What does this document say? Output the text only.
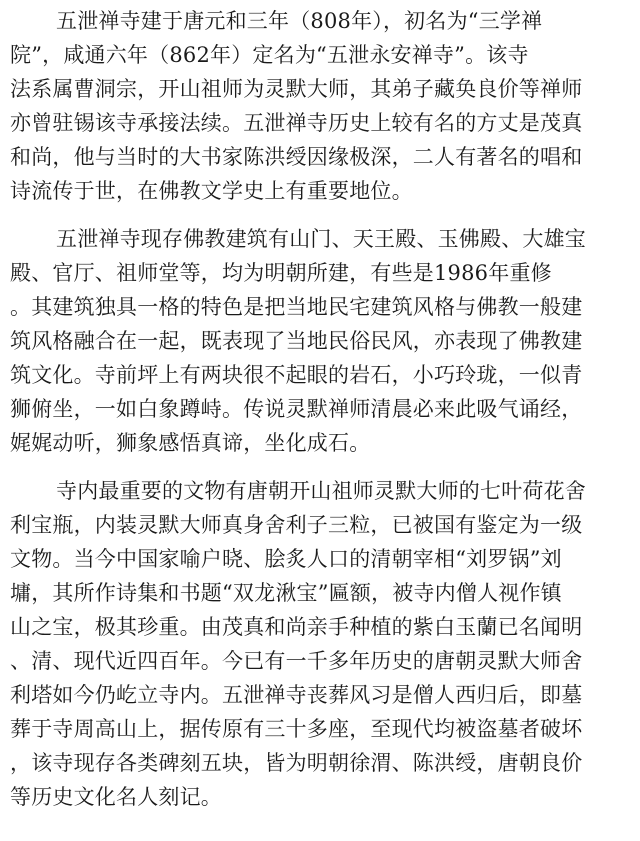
五泄禅寺建于唐元和三年（808年），初名为“三学禅
院”，咸通六年（862年）定名为“五泄永安禅寺”。该寺
法系属曹洞宗，开山祖师为灵默大师，其弟子藏奂良价等禅师
亦曾驻锡该寺承接法续。五泄禅寺历史上较有名的方丈是茂真
和尚，他与当时的大书家陈洪绶因缘极深，二人有著名的唱和
诗流传于世，在佛教文学史上有重要地位。
五泄禅寺现存佛教建筑有山门、天王殿、玉佛殿、大雄宝
殿、官厅、祖师堂等，均为明朝所建，有些是1986年重修
。其建筑独具一格的特色是把当地民宅建筑风格与佛教一般建
筑风格融合在一起，既表现了当地民俗民风，亦表现了佛教建
筑文化。寺前坪上有两块很不起眼的岩石，小巧玲珑，一似青
狮俯坐，一如白象蹲峙。传说灵默禅师清晨必来此吸气诵经，
娓娓动听，狮象感悟真谛，坐化成石。
寺内最重要的文物有唐朝开山祖师灵默大师的七叶荷花舍
利宝瓶，内装灵默大师真身舍利子三粒，已被国有鉴定为一级
文物。当今中国家喻户晓、脍炙人口的清朝宰相“刘罗锅”刘
墉，其所作诗集和书题“双龙湫宝”匾额，被寺内僧人视作镇
山之宝，极其珍重。由茂真和尚亲手种植的紫白玉蘭已名闻明
、清、现代近四百年。今已有一千多年历史的唐朝灵默大师舍
利塔如今仍屹立寺内。五泄禅寺丧葬风习是僧人西归后，即墓
葬于寺周高山上，据传原有三十多座，至现代均被盗墓者破坏
，该寺现存各类碑刻五块，皆为明朝徐渭、陈洪绶，唐朝良价
等历史文化名人刻记。
